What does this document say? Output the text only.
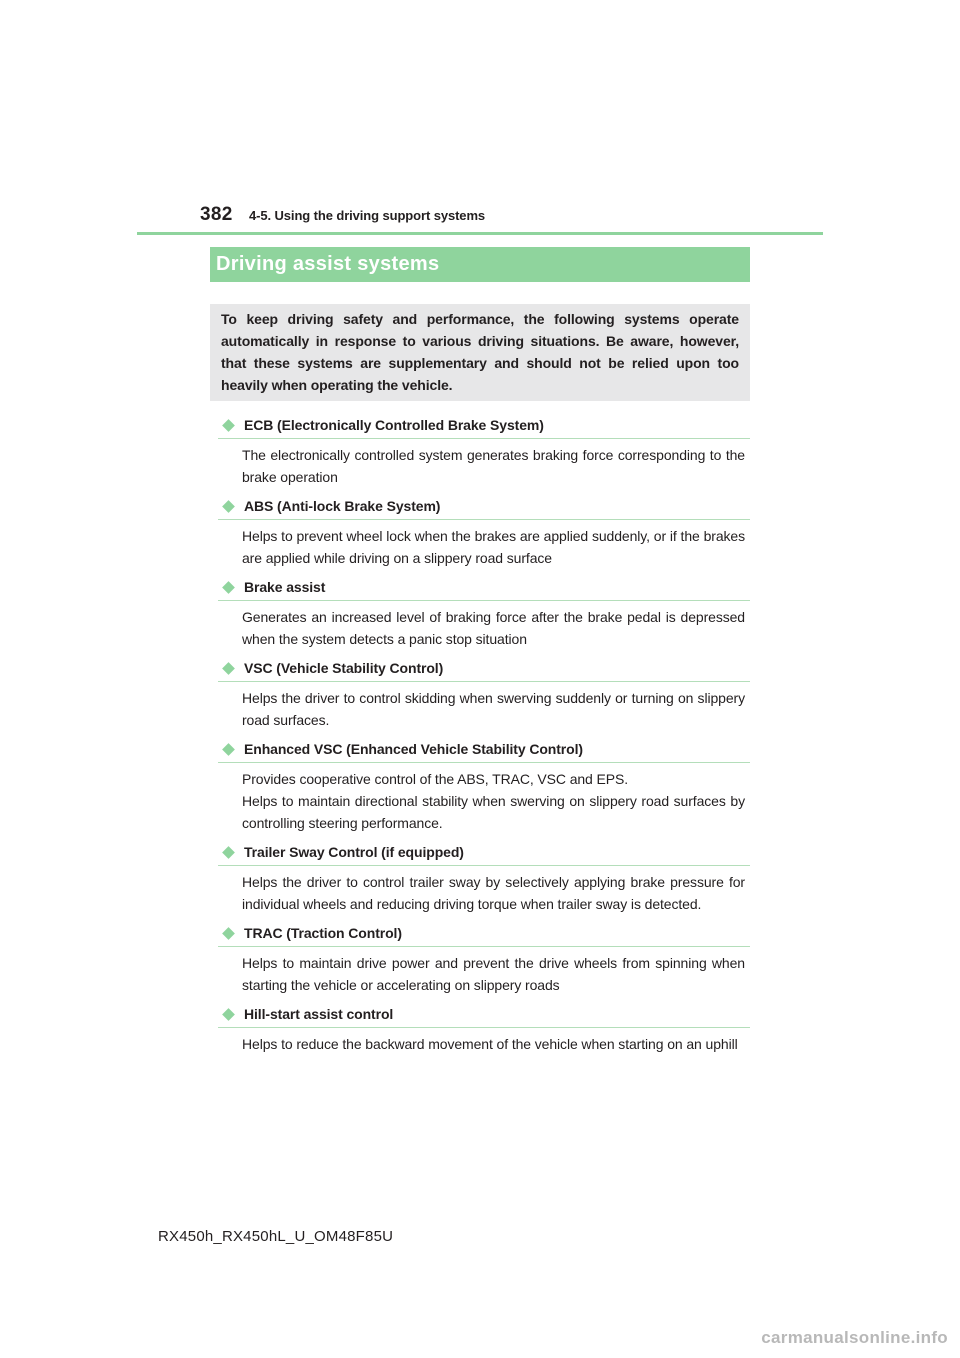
382	4-5. Using the driving support systems
Driving assist systems
To keep driving safety and performance, the following systems operate automatically in response to various driving situations. Be aware, however, that these systems are supplementary and should not be relied upon too heavily when operating the vehicle.
ECB (Electronically Controlled Brake System)

The electronically controlled system generates braking force corresponding to the brake operation

ABS (Anti-lock Brake System)

Helps to prevent wheel lock when the brakes are applied suddenly, or if the brakes are applied while driving on a slippery road surface

Brake assist

Generates an increased level of braking force after the brake pedal is depressed when the system detects a panic stop situation

VSC (Vehicle Stability Control)

Helps the driver to control skidding when swerving suddenly or turning on slippery road surfaces.

Enhanced VSC (Enhanced Vehicle Stability Control)

Provides cooperative control of the ABS, TRAC, VSC and EPS.

Helps to maintain directional stability when swerving on slippery road surfaces by controlling steering performance.

Trailer Sway Control (if equipped)

Helps the driver to control trailer sway by selectively applying brake pressure for individual wheels and reducing driving torque when trailer sway is detected.

TRAC (Traction Control)

Helps to maintain drive power and prevent the drive wheels from spinning when starting the vehicle or accelerating on slippery roads

Hill-start assist control

Helps to reduce the backward movement of the vehicle when starting on an uphill

RX450h_RX450hL_U_OM48F85U
carmanualsonline.info
